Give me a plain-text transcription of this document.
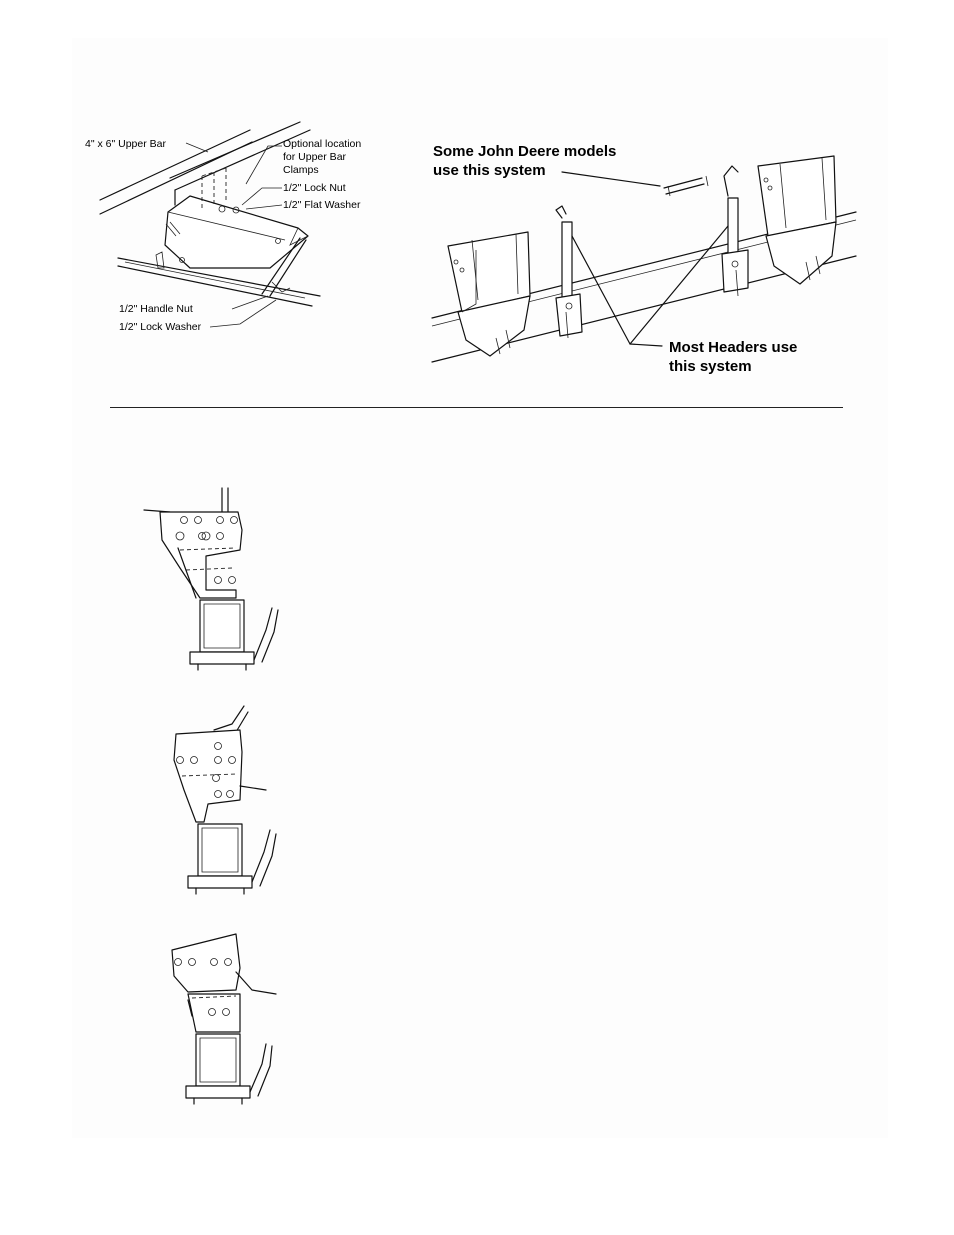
4" x 6" Upper Bar	Optional location
for Upper Bar
Clamps
1/2" Lock Nut
1/2" Flat Washer
1/2" Handle Nut
1/2" Lock Washer
Some John Deere models
use this system
Most Headers use
this system
